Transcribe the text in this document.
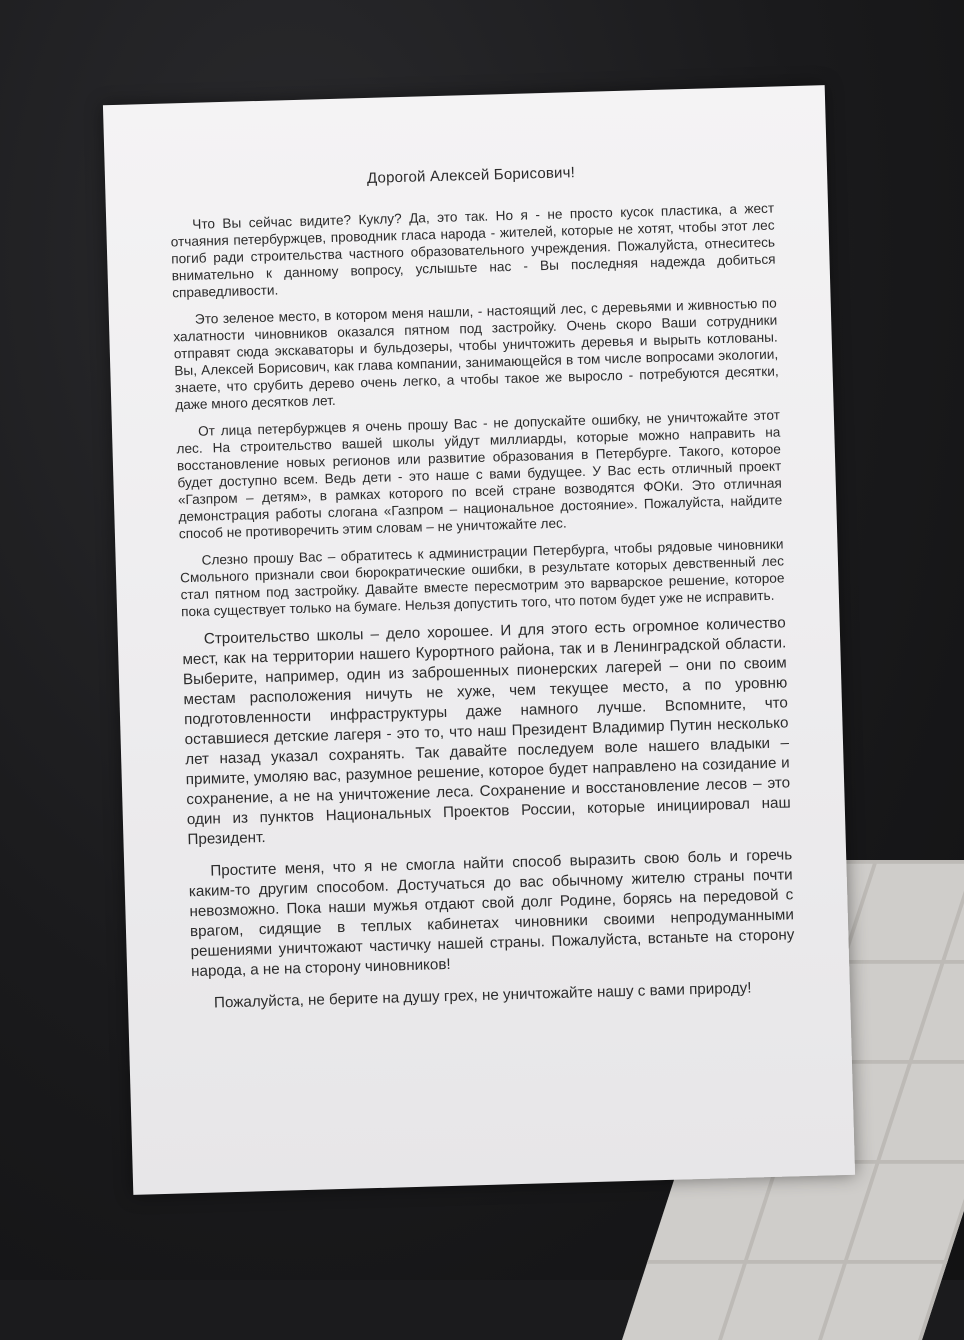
Дорогой Алексей Борисович!

Что Вы сейчас видите? Куклу? Да, это так. Но я - не просто кусок пластика, а жест отчаяния петербуржцев, проводник гласа народа - жителей, которые не хотят, чтобы этот лес погиб ради строительства частного образовательного учреждения. Пожалуйста, отнеситесь внимательно к данному вопросу, услышьте нас - Вы последняя надежда добиться справедливости.

Это зеленое место, в котором меня нашли, - настоящий лес, с деревьями и живностью по халатности чиновников оказался пятном под застройку. Очень скоро Ваши сотрудники отправят сюда экскаваторы и бульдозеры, чтобы уничтожить деревья и вырыть котлованы. Вы, Алексей Борисович, как глава компании, занимающейся в том числе вопросами экологии, знаете, что срубить дерево очень легко, а чтобы такое же выросло - потребуются десятки, даже много десятков лет.

От лица петербуржцев я очень прошу Вас - не допускайте ошибку, не уничтожайте этот лес. На строительство вашей школы уйдут миллиарды, которые можно направить на восстановление новых регионов или развитие образования в Петербурге. Такого, которое будет доступно всем. Ведь дети - это наше с вами будущее. У Вас есть отличный проект «Газпром – детям», в рамках которого по всей стране возводятся ФОКи. Это отличная демонстрация работы слогана «Газпром – национальное достояние». Пожалуйста, найдите способ не противоречить этим словам – не уничтожайте лес.

Слезно прошу Вас – обратитесь к администрации Петербурга, чтобы рядовые чиновники Смольного признали свои бюрократические ошибки, в результате которых девственный лес стал пятном под застройку. Давайте вместе пересмотрим это варварское решение, которое пока существует только на бумаге. Нельзя допустить того, что потом будет уже не исправить.

Строительство школы – дело хорошее. И для этого есть огромное количество мест, как на территории нашего Курортного района, так и в Ленинградской области. Выберите, например, один из заброшенных пионерских лагерей – они по своим местам расположения ничуть не хуже, чем текущее место, а по уровню подготовленности инфраструктуры даже намного лучше. Вспомните, что оставшиеся детские лагеря - это то, что наш Президент Владимир Путин несколько лет назад указал сохранять. Так давайте последуем воле нашего владыки – примите, умоляю вас, разумное решение, которое будет направлено на созидание и сохранение, а не на уничтожение леса. Сохранение и восстановление лесов – это один из пунктов Национальных Проектов России, которые инициировал наш Президент.

Простите меня, что я не смогла найти способ выразить свою боль и горечь каким-то другим способом. Достучаться до вас обычному жителю страны почти невозможно. Пока наши мужья отдают свой долг Родине, борясь на передовой с врагом, сидящие в теплых кабинетах чиновники своими непродуманными решениями уничтожают частичку нашей страны. Пожалуйста, встаньте на сторону народа, а не на сторону чиновников!

Пожалуйста, не берите на душу грех, не уничтожайте нашу с вами природу!
